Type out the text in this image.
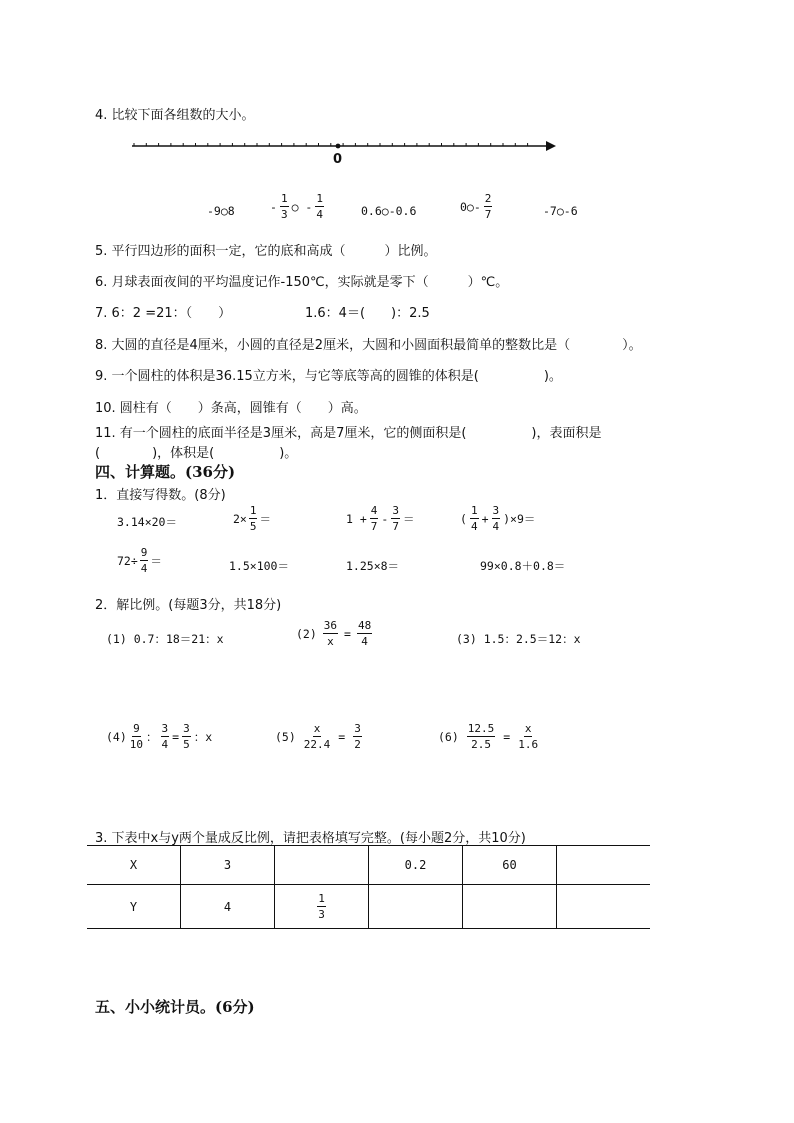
4. 比较下面各组数的大小。
0
-9○8	- $\frac{1}{3}$ ○ - $\frac{1}{4}$	0.6○-0.6	0○- $\frac{2}{7}$	-7○-6
5. 平行四边形的面积一定，它的底和高成（　　　）比例。
6. 月球表面夜间的平均温度记作-150℃，实际就是零下（　　　）℃。
7. 6：2 =21：（　　）	1.6：4＝(　　)：2.5
8. 大圆的直径是4厘米，小圆的直径是2厘米，大圆和小圆面积最简单的整数比是（　　　　）。
9. 一个圆柱的体积是36.15立方米，与它等底等高的圆锥的体积是(　　　　　)。
10. 圆柱有（　　）条高，圆锥有（　　）高。
11. 有一个圆柱的底面半径是3厘米，高是7厘米，它的侧面积是(　　　　　)，表面积是
(　　　　)，体积是(　　　　　)。
四、计算题。(36分)
1．直接写得数。(8分)
3.14×20＝	$2\times \frac{1}{5}$ ＝	$1 + \frac{4}{7} - \frac{3}{7}$ ＝	( $\frac{1}{4} + \frac{3}{4} )\times 9=$
$72\div \frac{9}{4}$ ＝	1.5×100＝	1.25×8＝	99×0.8＋0.8＝
2．解比例。(每题3分，共18分)
(1) 0.7：18＝21：x	$(2) \frac{36}{x} = \frac{48}{4}$	(3) 1.5：2.5＝12：x
$(4) \frac{9}{10}$ ： $\frac{3}{4} = \frac{3}{5}$ ：x	$(5) \frac{x}{22.4} = \frac{3}{2}$	$(6) \frac{12.5}{2.5} = \frac{x}{1.6}$
3. 下表中x与y两个量成反比例，请把表格填写完整。(每小题2分，共10分)
X	3		0.2	60	
Y	4	$\frac{1}{3}$

五、小小统计员。(6分)
